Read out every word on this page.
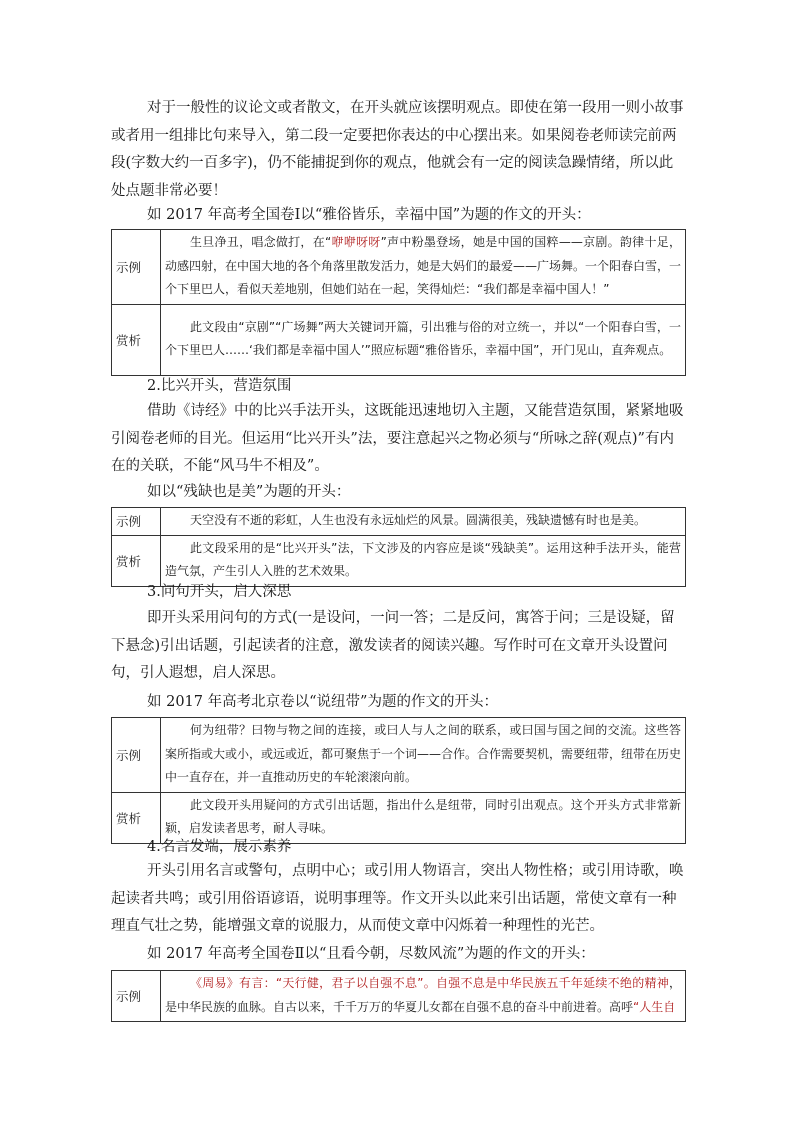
对于一般性的议论文或者散文，在开头就应该摆明观点。即使在第一段用一则小故事或者用一组排比句来导入，第二段一定要把你表达的中心摆出来。如果阅卷老师读完前两段(字数大约一百多字)，仍不能捕捉到你的观点，他就会有一定的阅读急躁情绪，所以此处点题非常必要！

如 2017 年高考全国卷Ⅰ以“雅俗皆乐，幸福中国”为题的作文的开头：

示例	生旦净丑，唱念做打，在“咿咿呀呀”声中粉墨登场，她是中国的国粹——京剧。韵律十足，动感四射，在中国大地的各个角落里散发活力，她是大妈们的最爱——广场舞。一个阳春白雪，一个下里巴人，看似天差地别，但她们站在一起，笑得灿烂：“我们都是幸福中国人！”
赏析	此文段由“京剧”“广场舞”两大关键词开篇，引出雅与俗的对立统一，并以“一个阳春白雪，一个下里巴人……‘我们都是幸福中国人’”照应标题“雅俗皆乐，幸福中国”，开门见山，直奔观点。

2.比兴开头，营造氛围

借助《诗经》中的比兴手法开头，这既能迅速地切入主题，又能营造氛围，紧紧地吸引阅卷老师的目光。但运用“比兴开头”法，要注意起兴之物必须与“所咏之辞(观点)”有内在的关联，不能“风马牛不相及”。

如以“残缺也是美”为题的开头：

示例	天空没有不逝的彩虹，人生也没有永远灿烂的风景。圆满很美，残缺遗憾有时也是美。
赏析	此文段采用的是“比兴开头”法，下文涉及的内容应是谈“残缺美”。运用这种手法开头，能营造气氛，产生引人入胜的艺术效果。

3.问句开头，启人深思

即开头采用问句的方式(一是设问，一问一答；二是反问，寓答于问；三是设疑，留下悬念)引出话题，引起读者的注意，激发读者的阅读兴趣。写作时可在文章开头设置问句，引人遐想，启人深思。

如 2017 年高考北京卷以“说纽带”为题的作文的开头：

示例	何为纽带？曰物与物之间的连接，或曰人与人之间的联系，或曰国与国之间的交流。这些答案所指或大或小，或远或近，都可聚焦于一个词——合作。合作需要契机，需要纽带，纽带在历史中一直存在，并一直推动历史的车轮滚滚向前。
赏析	此文段开头用疑问的方式引出话题，指出什么是纽带，同时引出观点。这个开头方式非常新颖，启发读者思考，耐人寻味。

4.名言发端，展示素养

开头引用名言或警句，点明中心；或引用人物语言，突出人物性格；或引用诗歌，唤起读者共鸣；或引用俗语谚语，说明事理等。作文开头以此来引出话题，常使文章有一种理直气壮之势，能增强文章的说服力，从而使文章中闪烁着一种理性的光芒。

如 2017 年高考全国卷Ⅱ以“且看今朝，尽数风流”为题的作文的开头：

示例	《周易》有言：“天行健，君子以自强不息”。自强不息是中华民族五千年延续不绝的精神，是中华民族的血脉。自古以来，千千万万的华夏儿女都在自强不息的奋斗中前进着。高呼“人生自
